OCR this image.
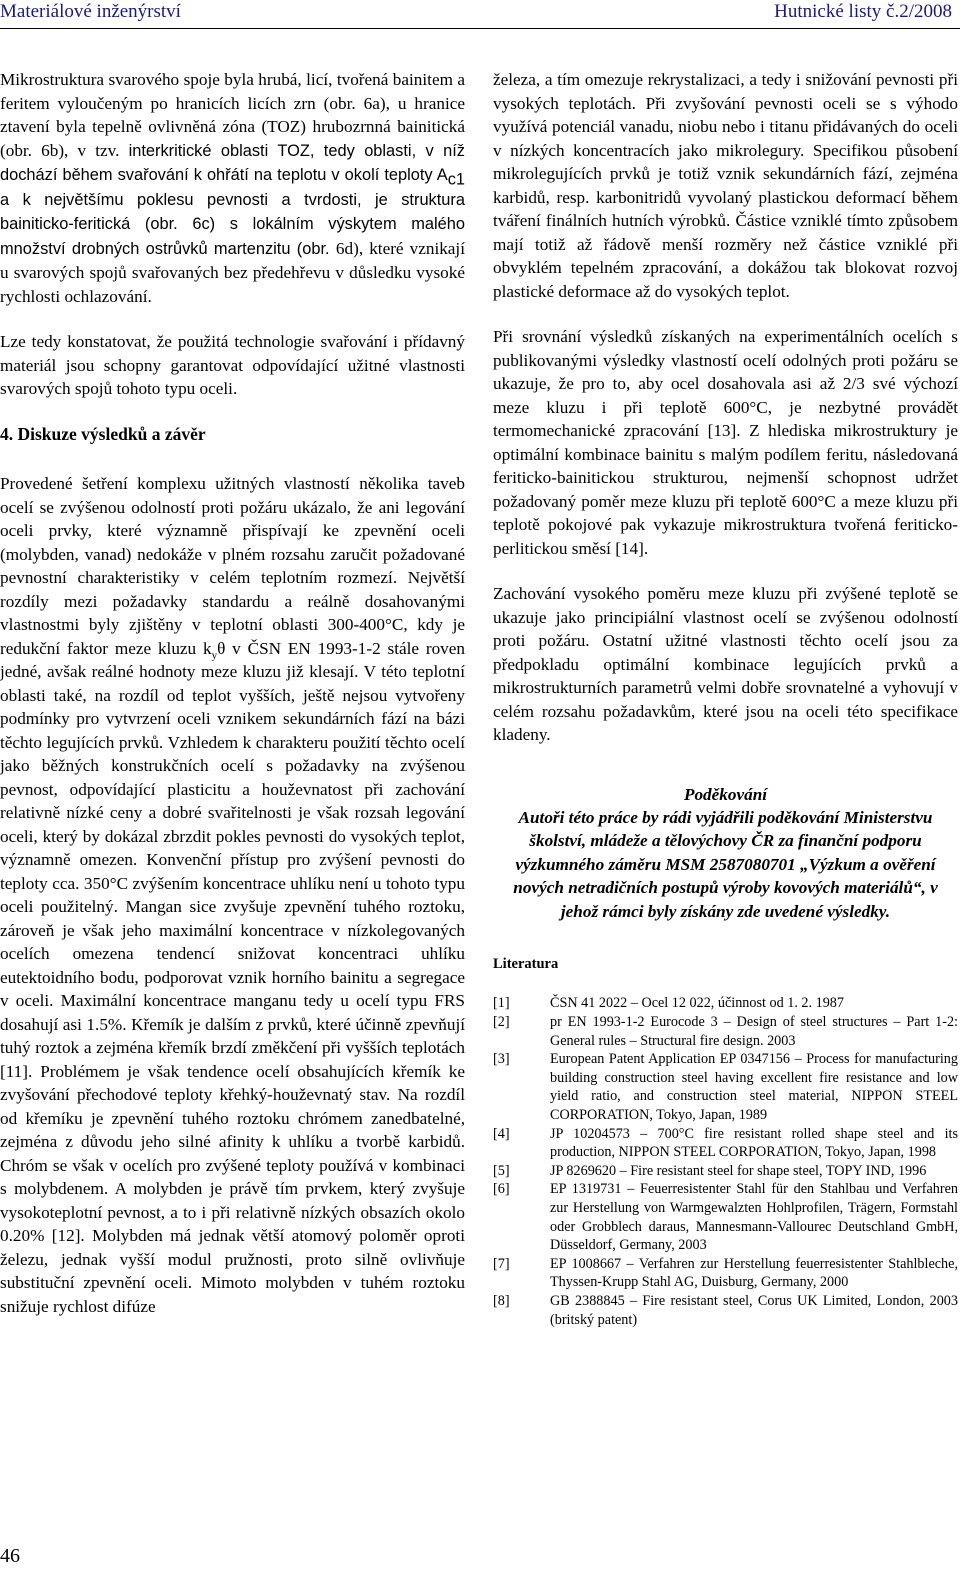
Materiálové inženýrství	Hutnické listy č.2/2008

Mikrostruktura svarového spoje byla hrubá, licí, tvořená bainitem a feritem vyloučeným po hranicích licích zrn (obr. 6a), u hranice ztavení byla tepelně ovlivněná zóna (TOZ) hrubozrnná bainitická (obr. 6b), v tzv. interkritické oblasti TOZ, tedy oblasti, v níž dochází během svařování k ohřátí na teplotu v okolí teploty $A_{c1}$ a k největšímu poklesu pevnosti a tvrdosti, je struktura bainiticko-feritická (obr. 6c) s lokálním výskytem malého množství drobných ostrůvků martenzitu (obr. 6d), které vznikají u svarových spojů svařovaných bez předehřevu v důsledku vysoké rychlosti ochlazování.

Lze tedy konstatovat, že použitá technologie svařování i přídavný materiál jsou schopny garantovat odpovídající užitné vlastnosti svarových spojů tohoto typu oceli.

4. Diskuze výsledků a závěr

Provedené šetření komplexu užitných vlastností několika taveb ocelí se zvýšenou odolností proti požáru ukázalo, že ani legování oceli prvky, které významně přispívají ke zpevnění oceli (molybden, vanad) nedokáže v plném rozsahu zaručit požadované pevnostní charakteristiky v celém teplotním rozmezí. Největší rozdíly mezi požadavky standardu a reálně dosahovanými vlastnostmi byly zjištěny v teplotní oblasti 300-400°C, kdy je redukční faktor meze kluzu $k_y\theta$ v ČSN EN 1993-1-2 stále roven jedné, avšak reálné hodnoty meze kluzu již klesají. V této teplotní oblasti také, na rozdíl od teplot vyšších, ještě nejsou vytvořeny podmínky pro vytvrzení oceli vznikem sekundárních fází na bázi těchto legujících prvků. Vzhledem k charakteru použití těchto ocelí jako běžných konstrukčních ocelí s požadavky na zvýšenou pevnost, odpovídající plasticitu a houževnatost při zachování relativně nízké ceny a dobré svařitelnosti je však rozsah legování oceli, který by dokázal zbrzdit pokles pevnosti do vysokých teplot, významně omezen. Konvenční přístup pro zvýšení pevnosti do teploty cca. 350°C zvýšením koncentrace uhlíku není u tohoto typu oceli použitelný. Mangan sice zvyšuje zpevnění tuhého roztoku, zároveň je však jeho maximální koncentrace v nízkolegovaných ocelích omezena tendencí snižovat koncentraci uhlíku eutektoidního bodu, podporovat vznik horního bainitu a segregace v oceli. Maximální koncentrace manganu tedy u ocelí typu FRS dosahují asi 1.5%. Křemík je dalším z prvků, které účinně zpevňují tuhý roztok a zejména křemík brzdí změkčení při vyšších teplotách [11]. Problémem je však tendence ocelí obsahujících křemík ke zvyšování přechodové teploty křehký-houževnatý stav. Na rozdíl od křemíku je zpevnění tuhého roztoku chrómem zanedbatelné, zejména z důvodu jeho silné afinity k uhlíku a tvorbě karbidů. Chróm se však v ocelích pro zvýšené teploty používá v kombinaci s molybdenem. A molybden je právě tím prvkem, který zvyšuje vysokoteplotní pevnost, a to i při relativně nízkých obsazích okolo 0.20% [12]. Molybden má jednak větší atomový poloměr oproti železu, jednak vyšší modul pružnosti, proto silně ovlivňuje substituční zpevnění oceli. Mimoto molybden v tuhém roztoku snižuje rychlost difúze

železa, a tím omezuje rekrystalizaci, a tedy i snižování pevnosti při vysokých teplotách. Při zvyšování pevnosti oceli se s výhodo využívá potenciál vanadu, niobu nebo i titanu přidávaných do oceli v nízkých koncentracích jako mikrolegury. Specifikou působení mikrolegujících prvků je totiž vznik sekundárních fází, zejména karbidů, resp. karbonitridů vyvolaný plastickou deformací během tváření finálních hutních výrobků. Částice vzniklé tímto způsobem mají totiž až řádově menší rozměry než částice vzniklé při obvyklém tepelném zpracování, a dokážou tak blokovat rozvoj plastické deformace až do vysokých teplot.

Při srovnání výsledků získaných na experimentálních ocelích s publikovanými výsledky vlastností ocelí odolných proti požáru se ukazuje, že pro to, aby ocel dosahovala asi až 2/3 své výchozí meze kluzu i při teplotě 600°C, je nezbytné provádět termomechanické zpracování [13]. Z hlediska mikrostruktury je optimální kombinace bainitu s malým podílem feritu, následovaná feriticko-bainitickou strukturou, nejmenší schopnost udržet požadovaný poměr meze kluzu při teplotě 600°C a meze kluzu při teplotě pokojové pak vykazuje mikrostruktura tvořená feriticko-perlitickou směsí [14].

Zachování vysokého poměru meze kluzu při zvýšené teplotě se ukazuje jako principiální vlastnost ocelí se zvýšenou odolností proti požáru. Ostatní užitné vlastnosti těchto ocelí jsou za předpokladu optimální kombinace legujících prvků a mikrostrukturních parametrů velmi dobře srovnatelné a vyhovují v celém rozsahu požadavkům, které jsou na oceli této specifikace kladeny.

Poděkování
Autoři této práce by rádi vyjádřili poděkování Ministerstvu školství, mládeže a tělovýchovy ČR za finanční podporu výzkumného záměru MSM 2587080701 „Výzkum a ověření nových netradičních postupů výroby kovových materiálů“, v jehož rámci byly získány zde uvedené výsledky.
Literatura
[1]	ČSN 41 2022 – Ocel 12 022, účinnost od 1. 2. 1987
[2]	pr EN 1993-1-2 Eurocode 3 – Design of steel structures – Part 1-2: General rules – Structural fire design. 2003
[3]	European Patent Application EP 0347156 – Process for manufacturing building construction steel having excellent fire resistance and low yield ratio, and construction steel material, NIPPON STEEL CORPORATION, Tokyo, Japan, 1989
[4]	JP 10204573 – 700°C fire resistant rolled shape steel and its production, NIPPON STEEL CORPORATION, Tokyo, Japan, 1998
[5]	JP 8269620 – Fire resistant steel for shape steel, TOPY IND, 1996
[6]	EP 1319731 – Feuerresistenter Stahl für den Stahlbau und Verfahren zur Herstellung von Warmgewalzten Hohlprofilen, Trägern, Formstahl oder Grobblech daraus, Mannesmann-Vallourec Deutschland GmbH, Düsseldorf, Germany, 2003
[7]	EP 1008667 – Verfahren zur Herstellung feuerresistenter Stahlbleche, Thyssen-Krupp Stahl AG, Duisburg, Germany, 2000
[8]	GB 2388845 – Fire resistant steel, Corus UK Limited, London, 2003 (britský patent)
46
